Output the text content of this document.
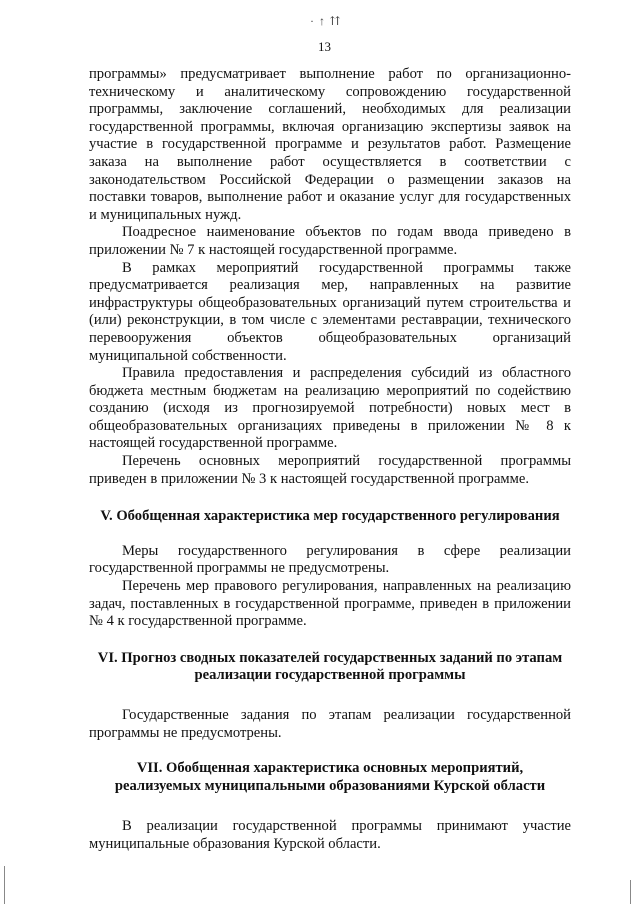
· ↑ ⇈
13

программы» предусматривает выполнение работ по организационно-техническому и аналитическому сопровождению государственной программы, заключение соглашений, необходимых для реализации государственной программы, включая организацию экспертизы заявок на участие в государственной программе и результатов работ. Размещение заказа на выполнение работ осуществляется в соответствии с законодательством Российской Федерации о размещении заказов на поставки товаров, выполнение работ и оказание услуг для государственных и муниципальных нужд.

Поадресное наименование объектов по годам ввода приведено в приложении № 7 к настоящей государственной программе.

В рамках мероприятий государственной программы также предусматривается реализация мер, направленных на развитие инфраструктуры общеобразовательных организаций путем строительства и (или) реконструкции, в том числе с элементами реставрации, технического перевооружения объектов общеобразовательных организаций муниципальной собственности.

Правила предоставления и распределения субсидий из областного бюджета местным бюджетам на реализацию мероприятий по содействию созданию (исходя из прогнозируемой потребности) новых мест в общеобразовательных организациях приведены в приложении № 8 к настоящей государственной программе.

Перечень основных мероприятий государственной программы приведен в приложении № 3 к настоящей государственной программе.

V. Обобщенная характеристика мер государственного регулирования

Меры государственного регулирования в сфере реализации государственной программы не предусмотрены.

Перечень мер правового регулирования, направленных на реализацию задач, поставленных в государственной программе, приведен в приложении № 4 к государственной программе.

VI. Прогноз сводных показателей государственных заданий по этапам
реализации государственной программы

Государственные задания по этапам реализации государственной программы не предусмотрены.

VII. Обобщенная характеристика основных мероприятий,
реализуемых муниципальными образованиями Курской области

В реализации государственной программы принимают участие муниципальные образования Курской области.
